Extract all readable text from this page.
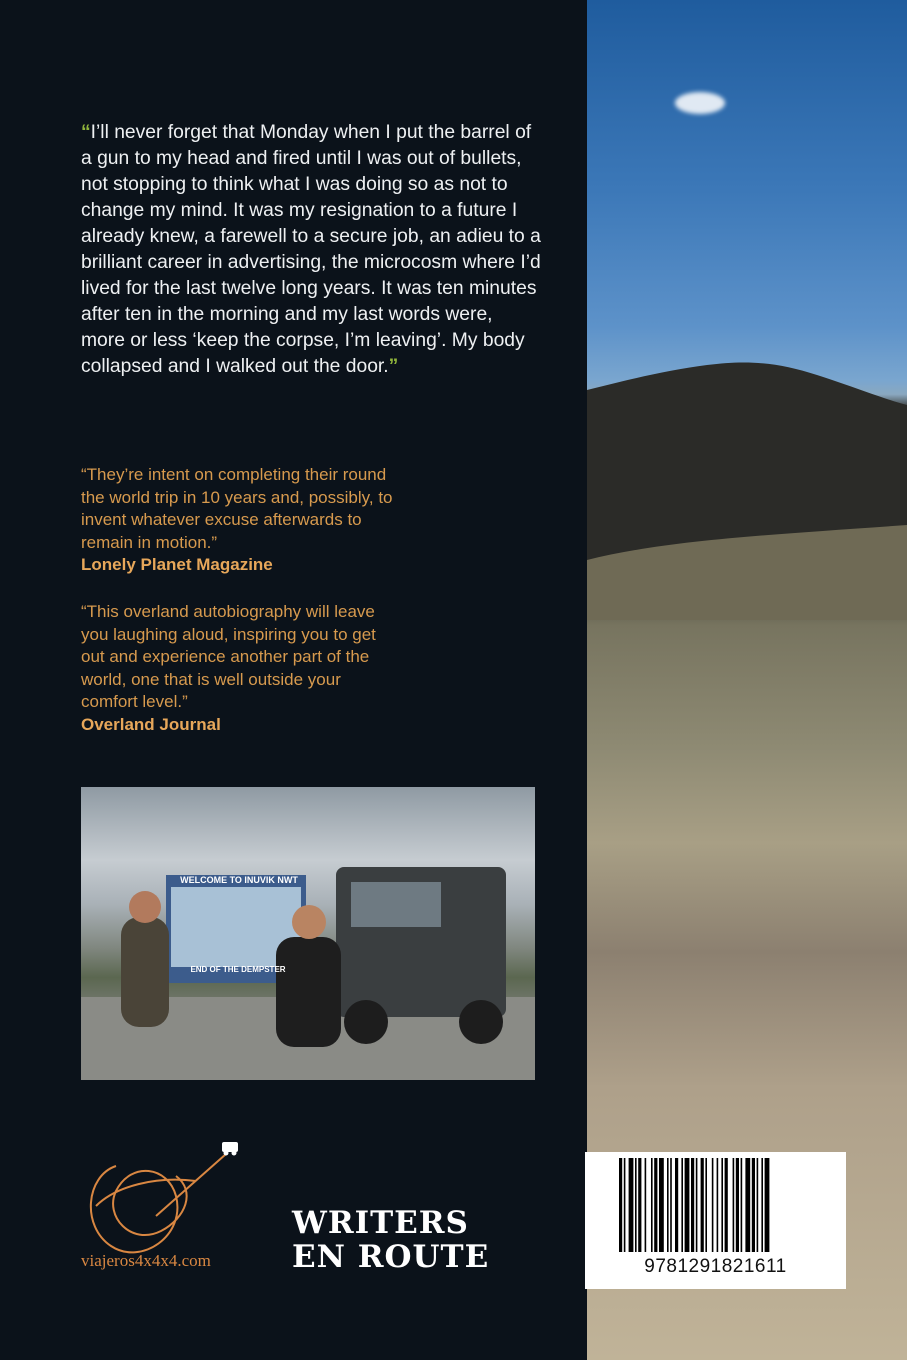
“I’ll never forget that Monday when I put the barrel of a gun to my head and fired until I was out of bullets, not stopping to think what I was doing so as not to change my mind. It was my resignation to a future I already knew, a farewell to a secure job, an adieu to a brilliant career in advertising, the microcosm where I’d lived for the last twelve long years. It was ten minutes after ten in the morning and my last words were, more or less ‘keep the corpse, I’m leaving’. My body collapsed and I walked out the door.”
“They’re intent on completing their round the world trip in 10 years and, possibly, to invent whatever excuse afterwards to remain in motion.”
Lonely Planet Magazine
“This overland autobiography will leave you laughing aloud, inspiring you to get out and experience another part of the world, one that is well outside your comfort level.”
Overland Journal
WELCOME TO INUVIK NWT
END OF THE DEMPSTER
viajeros4x4x4.com
WRITERS
EN ROUTE	9781291821611
